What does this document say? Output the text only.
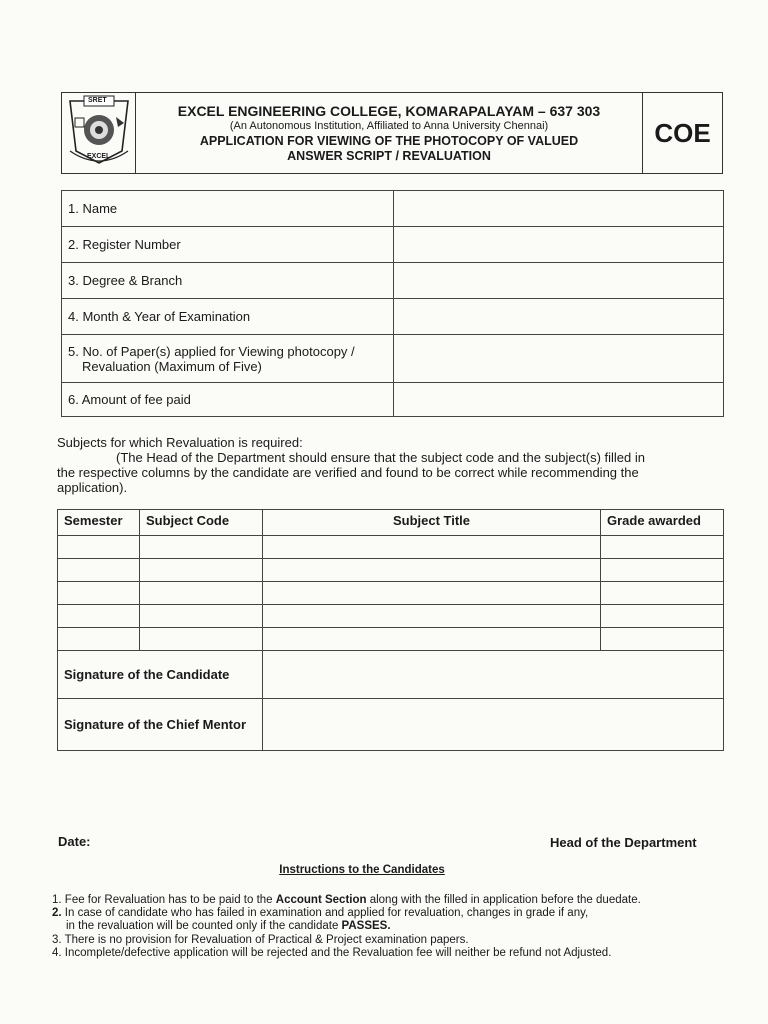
SRET
EXCEL
EXCEL ENGINEERING COLLEGE, KOMARAPALAYAM – 637 303
(An Autonomous Institution, Affiliated to Anna University Chennai)
APPLICATION FOR VIEWING OF THE PHOTOCOPY OF VALUED
ANSWER SCRIPT / REVALUATION
COE
1. Name	
2. Register Number	
3. Degree & Branch	
4. Month & Year of Examination	

5. No. of Paper(s) applied for Viewing photocopy /
Revaluation (Maximum of Five)	

6. Amount of fee paid	
Subjects for which Revaluation is required:
(The Head of the Department should ensure that the subject code and the subject(s) filled in
the respective columns by the candidate are verified and found to be correct while recommending the
application).
Semester	Subject Code	Subject Title	Grade awarded

Signature of the Candidate			
Signature of the Chief Mentor			
Date:	Head of the Department
Instructions to the Candidates
1. Fee for Revaluation has to be paid to the Account Section along with the filled in application before the duedate.
2. In case of candidate who has failed in examination and applied for revaluation, changes in grade if any,
in the revaluation will be counted only if the candidate PASSES.
3. There is no provision for Revaluation of Practical & Project examination papers.
4. Incomplete/defective application will be rejected and the Revaluation fee will neither be refund not Adjusted.
